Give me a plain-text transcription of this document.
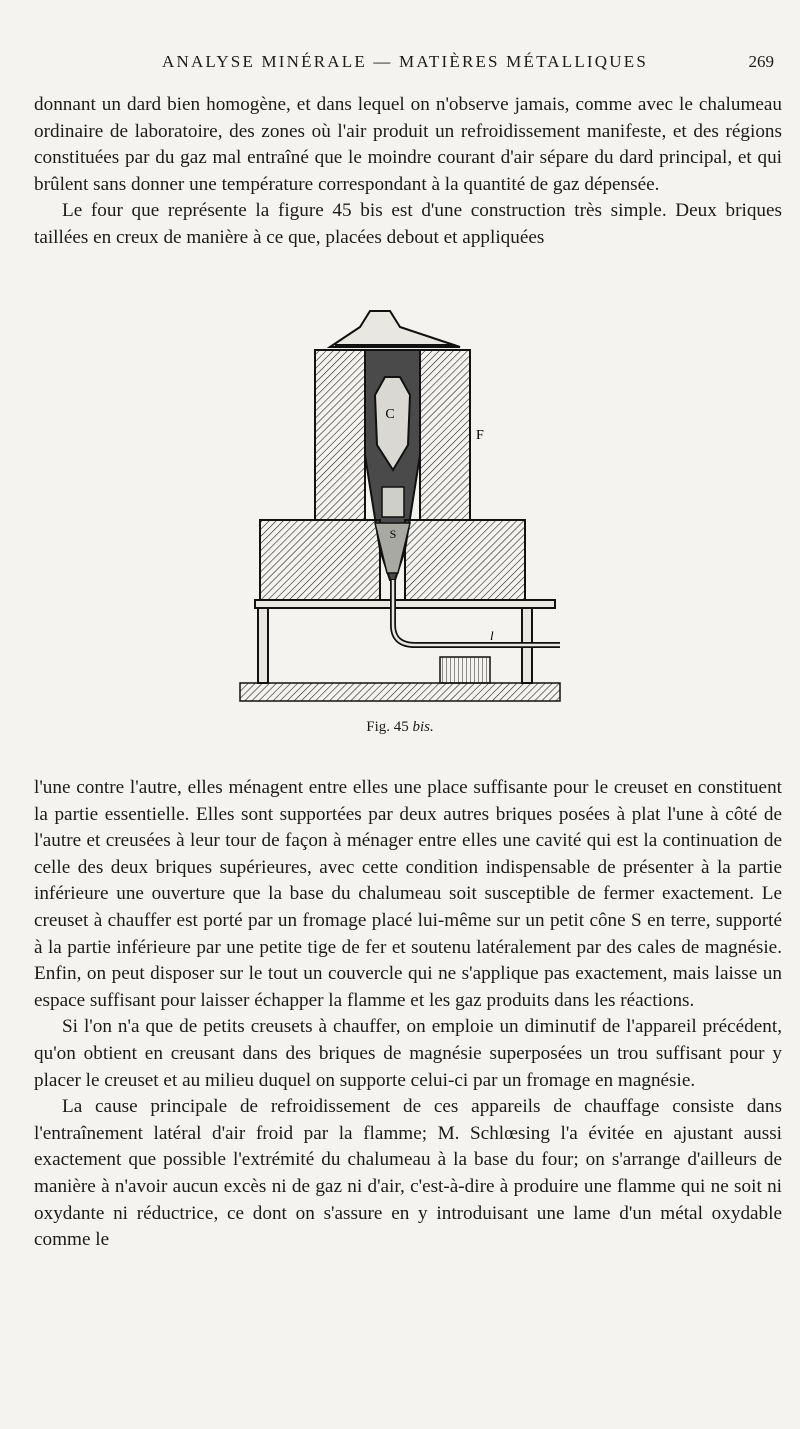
ANALYSE MINÉRALE — MATIÈRES MÉTALLIQUES	269

donnant un dard bien homogène, et dans lequel on n'observe jamais, comme avec le chalumeau ordinaire de laboratoire, des zones où l'air produit un refroidissement manifeste, et des régions constituées par du gaz mal entraîné que le moindre courant d'air sépare du dard principal, et qui brûlent sans donner une température correspondant à la quantité de gaz dépensée.

Le four que représente la figure 45 bis est d'une construction très simple. Deux briques taillées en creux de manière à ce que, placées debout et appliquées

C
S
F
l
Fig. 45 bis.

l'une contre l'autre, elles ménagent entre elles une place suffisante pour le creuset en constituent la partie essentielle. Elles sont supportées par deux autres briques posées à plat l'une à côté de l'autre et creusées à leur tour de façon à ménager entre elles une cavité qui est la continuation de celle des deux briques supérieures, avec cette condition indispensable de présenter à la partie inférieure une ouverture que la base du chalumeau soit susceptible de fermer exactement. Le creuset à chauffer est porté par un fromage placé lui-même sur un petit cône S en terre, supporté à la partie inférieure par une petite tige de fer et soutenu latéralement par des cales de magnésie. Enfin, on peut disposer sur le tout un couvercle qui ne s'applique pas exactement, mais laisse un espace suffisant pour laisser échapper la flamme et les gaz produits dans les réactions.

Si l'on n'a que de petits creusets à chauffer, on emploie un diminutif de l'appareil précédent, qu'on obtient en creusant dans des briques de magnésie superposées un trou suffisant pour y placer le creuset et au milieu duquel on supporte celui-ci par un fromage en magnésie.

La cause principale de refroidissement de ces appareils de chauffage consiste dans l'entraînement latéral d'air froid par la flamme; M. Schlœsing l'a évitée en ajustant aussi exactement que possible l'extrémité du chalumeau à la base du four; on s'arrange d'ailleurs de manière à n'avoir aucun excès ni de gaz ni d'air, c'est-à-dire à produire une flamme qui ne soit ni oxydante ni réductrice, ce dont on s'assure en y introduisant une lame d'un métal oxydable comme le
